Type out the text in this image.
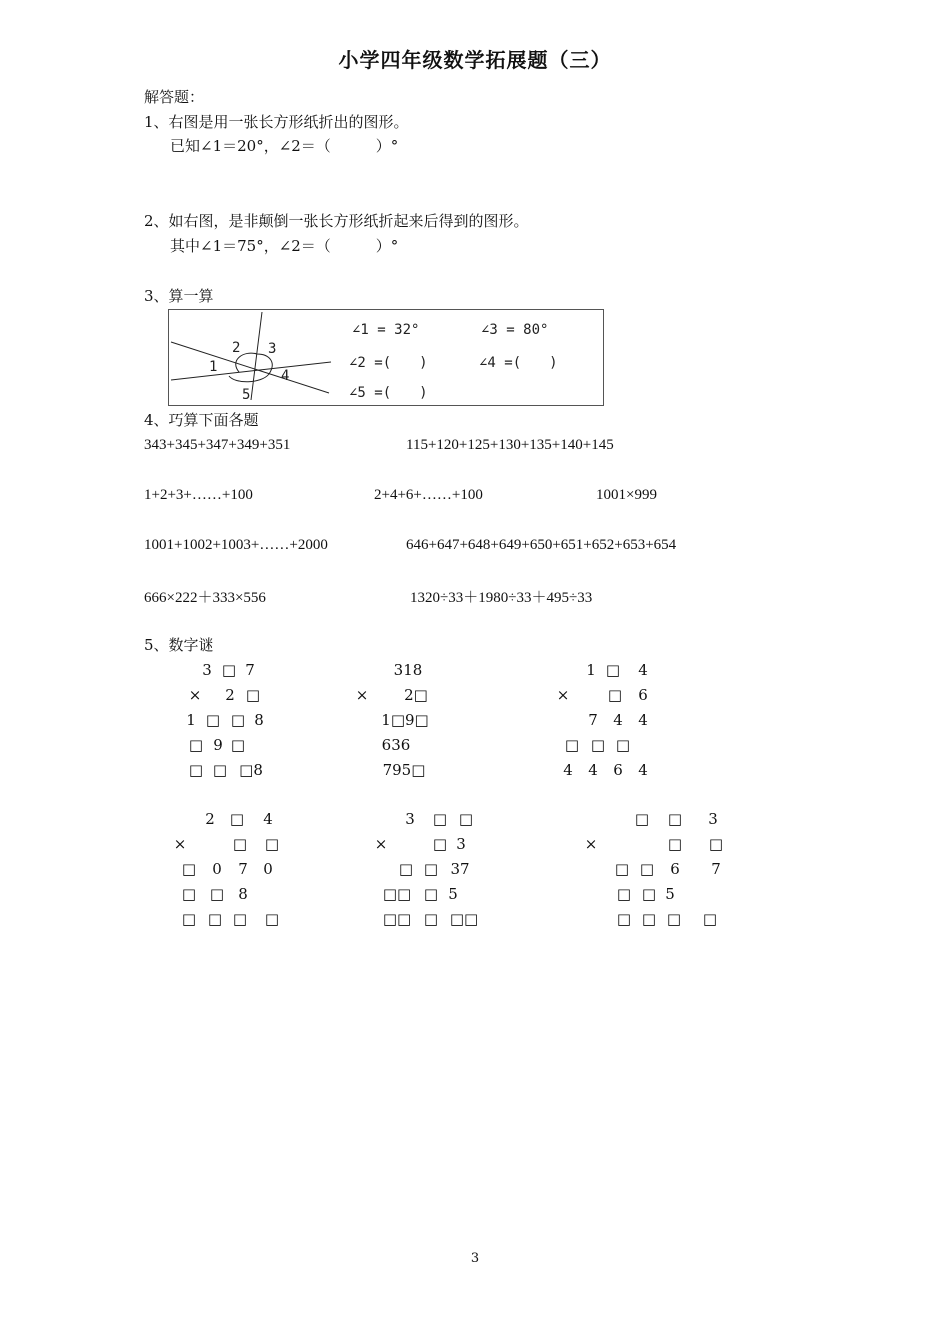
小学四年级数学拓展题（三）
解答题：
1、右图是用一张长方形纸折出的图形。
已知∠1＝20°，∠2＝（　　　）°
2、如右图，是非颠倒一张长方形纸折起来后得到的图形。
其中∠1＝75°，∠2＝（　　　）°
3、算一算
1
2 3
4
5
∠1 = 32°	∠3 = 80°
∠2 =(　　)	∠4 =(　　)
∠5 =(　　)
4、巧算下面各题
343+345+347+349+351	115+120+125+130+135+140+145
1+2+3+……+100	2+4+6+……+100	1001×999
1001+1002+1003+……+2000	646+647+648+649+650+651+652+653+654
666×222＋333×556	1320÷33＋1980÷33＋495÷33
5、数字谜
3 □ 7
×	2 □
1 □ □ 8
□ 9 □
□ □ □8
318
× 2□
1□9□
636
795□
1 □	4
×	□	6
7	4	4
□ □ □
4	4	6	4
2	□	4
×	□ □
□	0	7	0
□ □ 8
□ □ □ □
3	□ □
×	□ 3
□ □ 37
□□ □ 5
□□ □ □□
□ □	3
×	□ □
□ □	6	7
□ □ 5
□ □ □ □
3
